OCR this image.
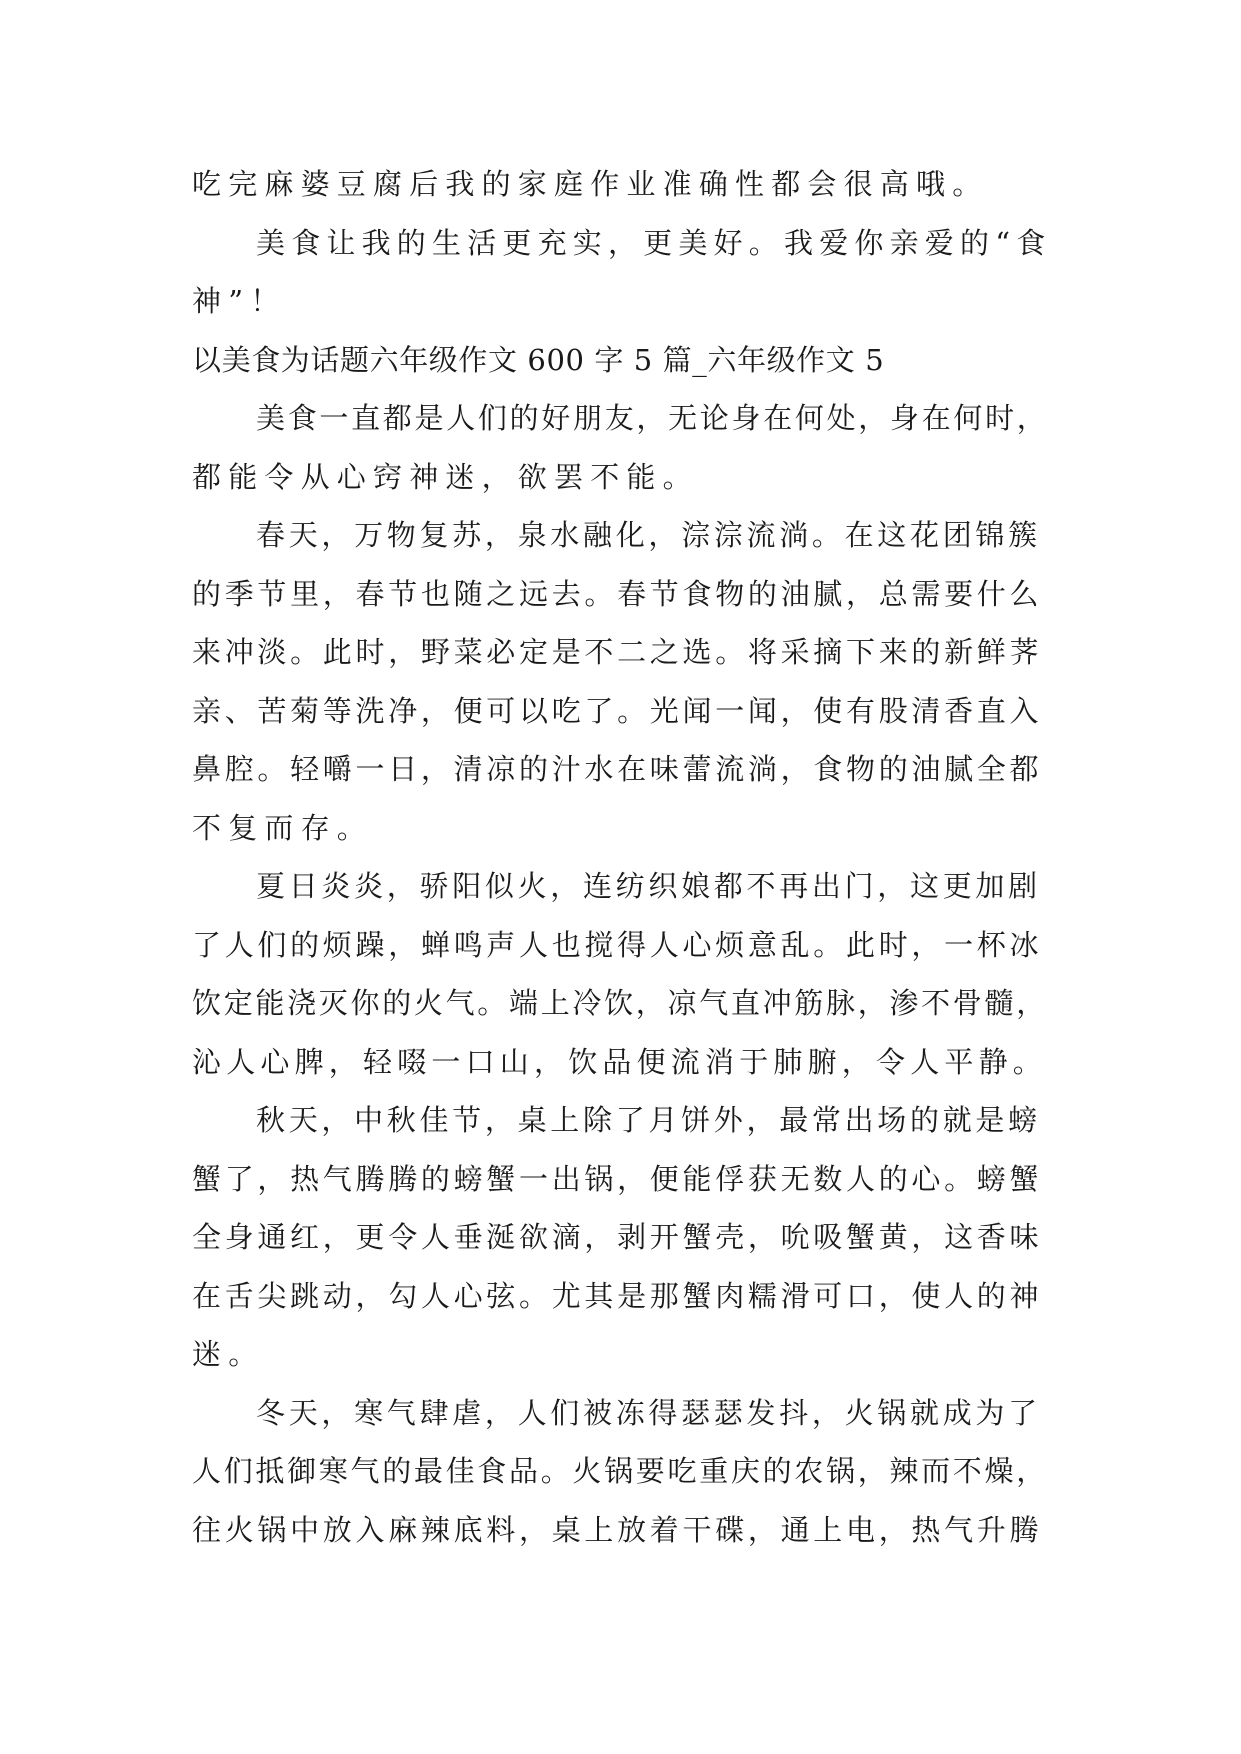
吃完麻婆豆腐后我的家庭作业准确性都会很高哦。
美食让我的生活更充实，更美好。我爱你亲爱的“食
神”！
以美食为话题六年级作文 600 字 5 篇_六年级作文 5
美食一直都是人们的好朋友，无论身在何处，身在何时，
都能令从心窍神迷，欲罢不能。
春天，万物复苏，泉水融化，淙淙流淌。在这花团锦簇
的季节里，春节也随之远去。春节食物的油腻，总需要什么
来冲淡。此时，野菜必定是不二之选。将采摘下来的新鲜荠
亲、苦菊等洗净，便可以吃了。光闻一闻，使有股清香直入
鼻腔。轻嚼一日，清凉的汁水在味蕾流淌，食物的油腻全都
不复而存。
夏日炎炎，骄阳似火，连纺织娘都不再出门，这更加剧
了人们的烦躁，蝉鸣声人也搅得人心烦意乱。此时，一杯冰
饮定能浇灭你的火气。端上冷饮，凉气直冲筋脉，渗不骨髓，
沁人心脾，轻啜一口山，饮品便流消于肺腑，令人平静。
秋天，中秋佳节，桌上除了月饼外，最常出场的就是螃
蟹了，热气腾腾的螃蟹一出锅，便能俘获无数人的心。螃蟹
全身通红，更令人垂涎欲滴，剥开蟹壳，吮吸蟹黄，这香味
在舌尖跳动，勾人心弦。尤其是那蟹肉糯滑可口，使人的神
迷。
冬天，寒气肆虐，人们被冻得瑟瑟发抖，火锅就成为了
人们抵御寒气的最佳食品。火锅要吃重庆的农锅，辣而不燥，
往火锅中放入麻辣底料，桌上放着干碟，通上电，热气升腾
